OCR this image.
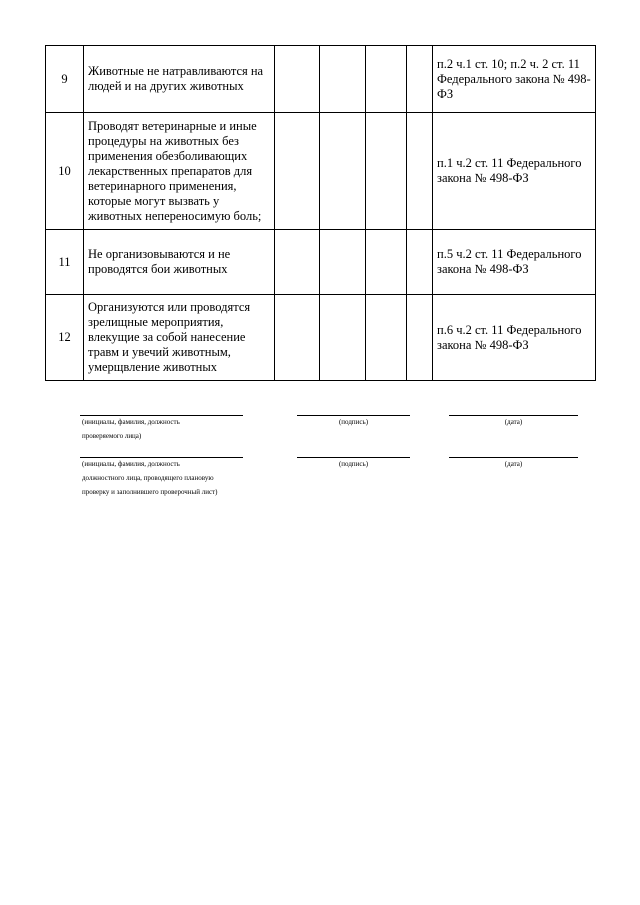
9	Животные не натравливаются на людей и на других животных					п.2 ч.1 ст. 10; п.2 ч. 2 ст. 11 Федерального закона № 498-ФЗ
10	Проводят ветеринарные и иные процедуры на животных без применения обезболивающих лекарственных препаратов для ветеринарного применения, которые могут вызвать у животных непереносимую боль;					п.1 ч.2 ст. 11 Федерального закона № 498-ФЗ
11	Не организовываются и не проводятся бои животных					п.5 ч.2 ст. 11 Федерального закона № 498-ФЗ
12	Организуются или проводятся зрелищные мероприятия, влекущие за собой нанесение травм и увечий животным, умерщвление животных					п.6 ч.2 ст. 11 Федерального закона № 498-ФЗ
(инициалы, фамилия, должность
проверяемого лица)
(подпись)	(дата)
(инициалы, фамилия, должность
должностного лица, проводящего плановую
проверку и заполнившего проверочный лист)
(подпись)	(дата)
